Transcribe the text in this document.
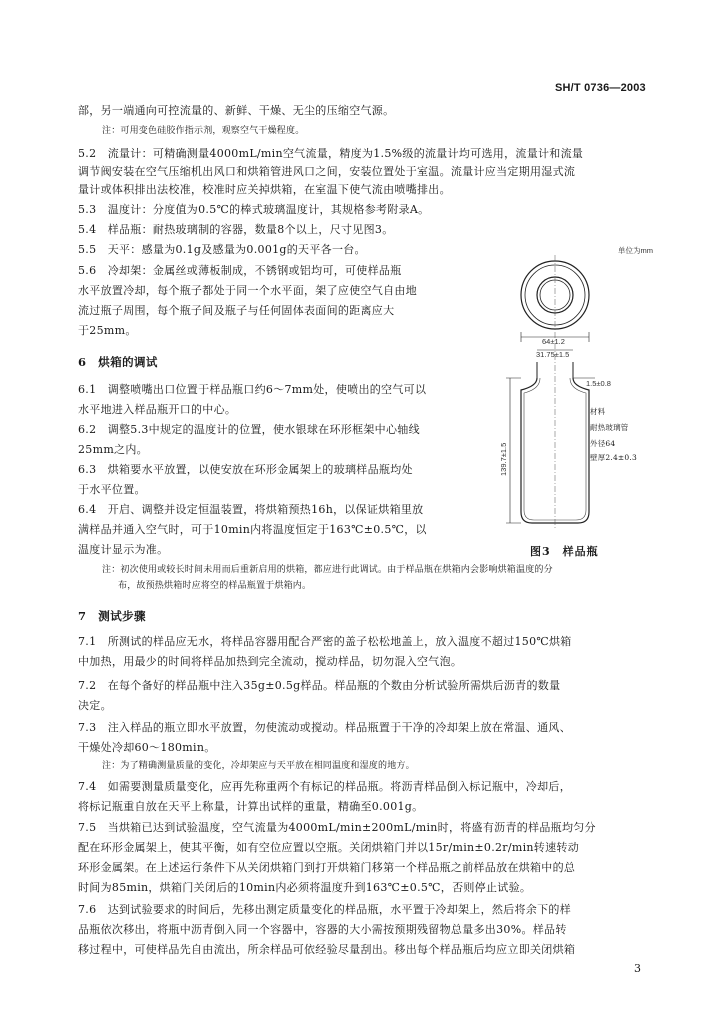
SH/T 0736—2003
部，另一端通向可控流量的、新鲜、干燥、无尘的压缩空气源。
注：可用变色硅胶作指示剂，观察空气干燥程度。
5.2　流量计：可精确测量4000mL/min空气流量，精度为1.5%级的流量计均可选用，流量计和流量
调节阀安装在空气压缩机出风口和烘箱管进风口之间，安装位置处于室温。流量计应当定期用湿式流
量计或体积排出法校准，校准时应关掉烘箱，在室温下使气流由喷嘴排出。
5.3　温度计：分度值为0.5℃的棒式玻璃温度计，其规格参考附录A。
5.4　样品瓶：耐热玻璃制的容器，数量8个以上，尺寸见图3。
5.5　天平：感量为0.1g及感量为0.001g的天平各一台。
5.6　冷却架：金属丝或薄板制成，不锈钢或铝均可，可使样品瓶
水平放置冷却，每个瓶子都处于同一个水平面，架了应使空气自由地
流过瓶子周围，每个瓶子间及瓶子与任何固体表面间的距离应大
于25mm。
6　烘箱的调试
6.1　调整喷嘴出口位置于样品瓶口约6～7mm处，使喷出的空气可以
水平地进入样品瓶开口的中心。
6.2　调整5.3中规定的温度计的位置，使水银球在环形框架中心轴线
25mm之内。
6.3　烘箱要水平放置，以使安放在环形金属架上的玻璃样品瓶均处
于水平位置。
6.4　开启、调整并设定恒温装置，将烘箱预热16h，以保证烘箱里放
满样品并通入空气时，可于10min内将温度恒定于163℃±0.5℃，以
温度计显示为准。
注：初次使用或较长时间未用而后重新启用的烘箱，都应进行此调试。由于样品瓶在烘箱内会影响烘箱温度的分
布，故预热烘箱时应将空的样品瓶置于烘箱内。
7　测试步骤
7.1　所测试的样品应无水，将样品容器用配合严密的盖子松松地盖上，放入温度不超过150℃烘箱
中加热，用最少的时间将样品加热到完全流动，搅动样品，切勿混入空气泡。
7.2　在每个备好的样品瓶中注入35g±0.5g样品。样品瓶的个数由分析试验所需烘后沥青的数量
决定。
7.3　注入样品的瓶立即水平放置，勿使流动或搅动。样品瓶置于干净的冷却架上放在常温、通风、
干燥处冷却60～180min。
注：为了精确测量质量的变化，冷却架应与天平放在相同温度和湿度的地方。
7.4　如需要测量质量变化，应再先称重两个有标记的样品瓶。将沥青样品倒入标记瓶中，冷却后，
将标记瓶重自放在天平上称量，计算出试样的重量，精确至0.001g。
7.5　当烘箱已达到试验温度，空气流量为4000mL/min±200mL/min时，将盛有沥青的样品瓶均匀分
配在环形金属架上，使其平衡，如有空位应置以空瓶。关闭烘箱门并以15r/min±0.2r/min转速转动
环形金属架。在上述运行条件下从关闭烘箱门到打开烘箱门移第一个样品瓶之前样品放在烘箱中的总
时间为85min，烘箱门关闭后的10min内必须将温度升到163℃±0.5℃，否则停止试验。
7.6　达到试验要求的时间后，先移出测定质量变化的样品瓶，水平置于冷却架上，然后将余下的样
品瓶依次移出，将瓶中沥青倒入同一个容器中，容器的大小需按预期残留物总量多出30%。样品转
移过程中，可使样品先自由流出，所余样品可依经验尽量刮出。移出每个样品瓶后均应立即关闭烘箱
单位为mm
64±1.2
31.75±1.5
1.5±0.8
139.7±1.5
材料
耐热玻璃管
外径64
壁厚2.4±0.3
图3　样品瓶
3
